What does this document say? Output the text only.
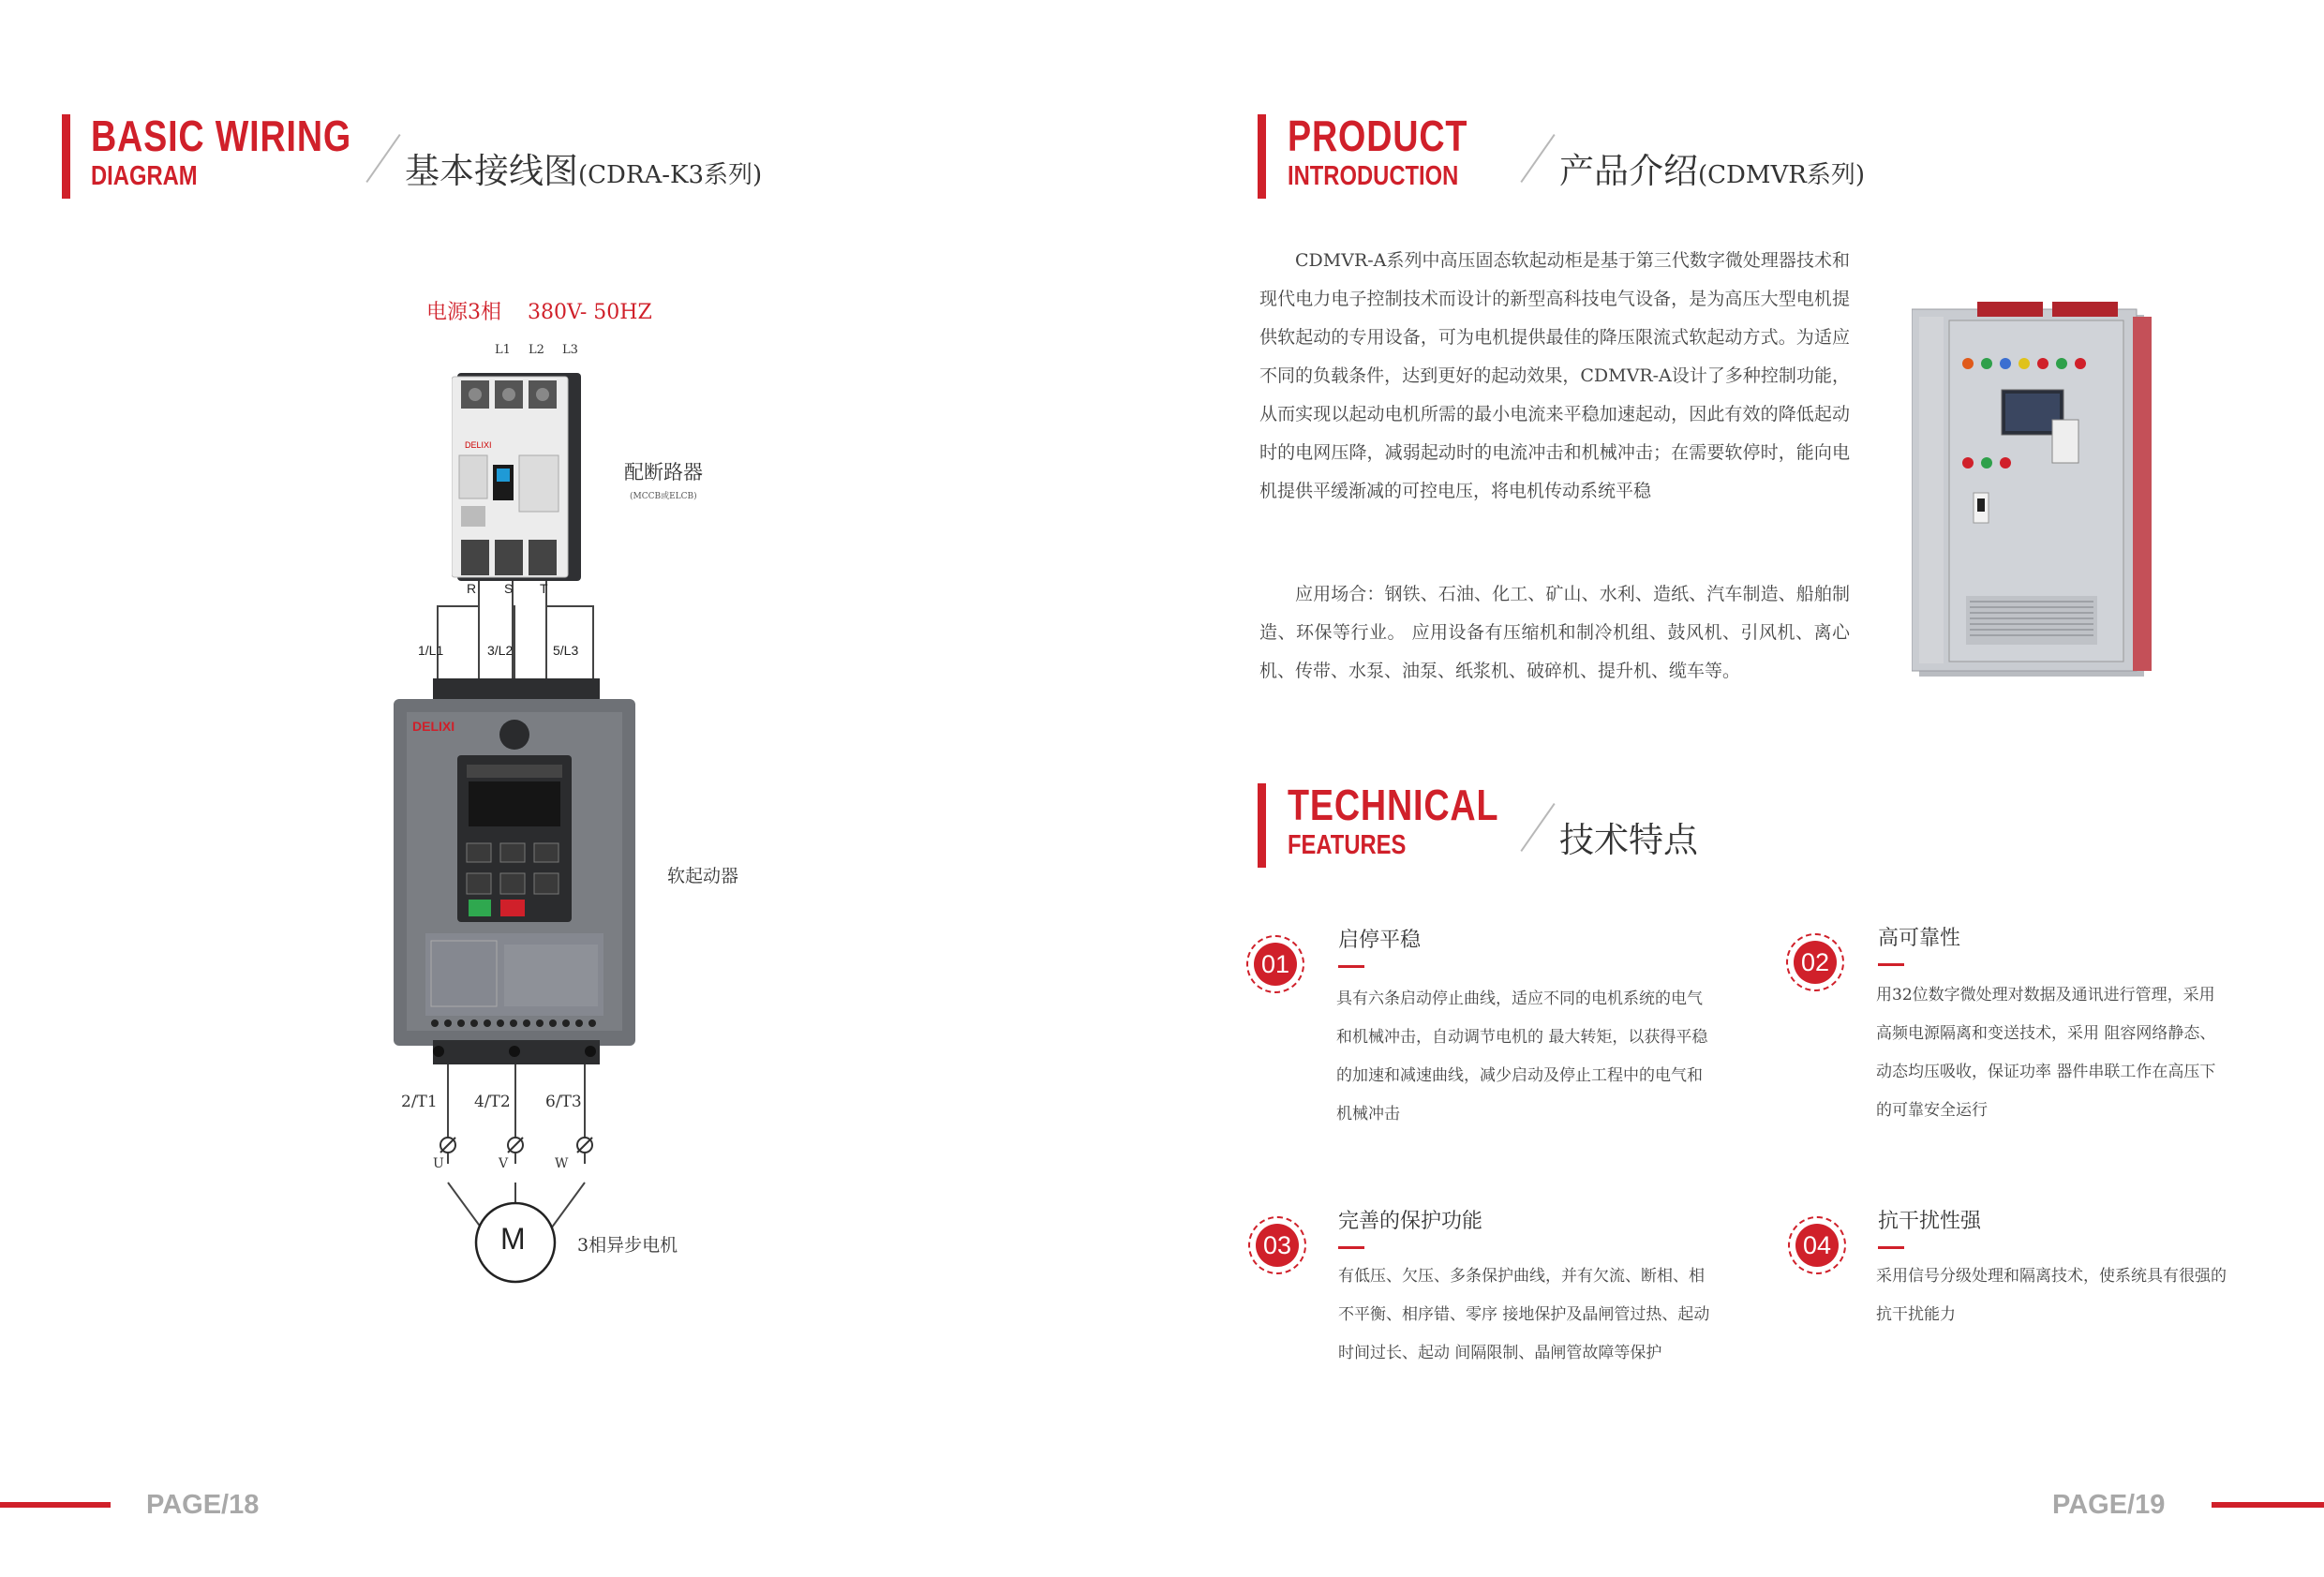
BASIC WIRING
DIAGRAM	基本接线图(CDRA-K3系列)
电源3相 380V- 50HZ
L1 L2 L3
DELIXI
配断路器
(MCCB或ELCB)
R S T
1/L1	3/L2	5/L3
DELIXI
软起动器
2/T1 4/T2 6/T3
U	V	W
M	3相异步电机
PAGE/18
PRODUCT
INTRODUCTION	产品介绍(CDMVR系列)

CDMVR-A系列中高压固态软起动柜是基于第三代数字微处理器技术和现代电力电子控制技术而设计的新型高科技电气设备，是为高压大型电机提供软起动的专用设备，可为电机提供最佳的降压限流式软起动方式。为适应不同的负载条件，达到更好的起动效果，CDMVR-A设计了多种控制功能，从而实现以起动电机所需的最小电流来平稳加速起动，因此有效的降低起动时的电网压降，减弱起动时的电流冲击和机械冲击；在需要软停时，能向电机提供平缓渐减的可控电压，将电机传动系统平稳

应用场合：钢铁、石油、化工、矿山、水利、造纸、汽车制造、船舶制造、环保等行业。 应用设备有压缩机和制冷机组、鼓风机、引风机、离心机、传带、水泵、油泵、纸浆机、破碎机、提升机、缆车等。

TECHNICAL
FEATURES	技术特点
01
启停平稳
具有六条启动停止曲线，适应不同的电机系统的电气和机械冲击，自动调节电机的 最大转矩，以获得平稳的加速和减速曲线，减少启动及停止工程中的电气和机械冲击
02
高可靠性
用32位数字微处理对数据及通讯进行管理，采用高频电源隔离和变送技术，采用 阻容网络静态、动态均压吸收，保证功率 器件串联工作在高压下的可靠安全运行
03
完善的保护功能
有低压、欠压、多条保护曲线，并有欠流、断相、相不平衡、相序错、零序 接地保护及晶闸管过热、起动时间过长、起动 间隔限制、晶闸管故障等保护
04
抗干扰性强
采用信号分级处理和隔离技术，使系统具有很强的抗干扰能力
PAGE/19
